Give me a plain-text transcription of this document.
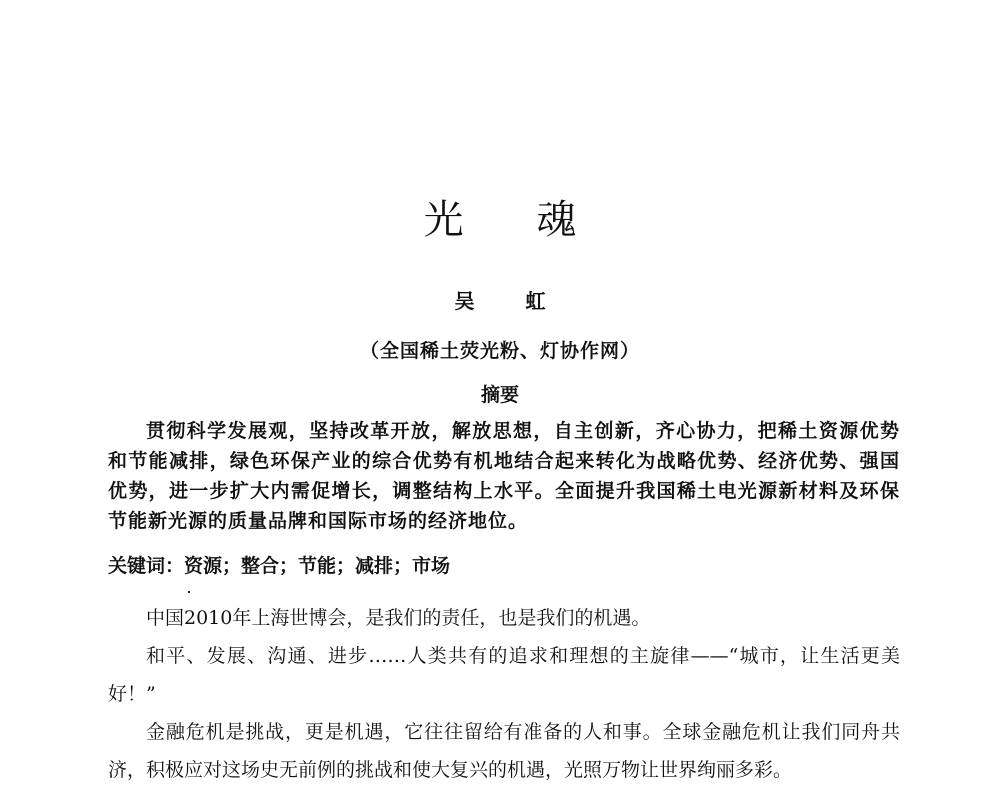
光 魂
吴 虹
（全国稀土荧光粉、灯协作网）
摘要
贯彻科学发展观，坚持改革开放，解放思想，自主创新，齐心协力，把稀土资源优势和节能减排，绿色环保产业的综合优势有机地结合起来转化为战略优势、经济优势、强国优势，进一步扩大内需促增长，调整结构上水平。全面提升我国稀土电光源新材料及环保节能新光源的质量品牌和国际市场的经济地位。
关键词：资源；整合；节能；减排；市场

中国2010年上海世博会，是我们的责任，也是我们的机遇。

和平、发展、沟通、进步……人类共有的追求和理想的主旋律——“城市，让生活更美好！”

金融危机是挑战，更是机遇，它往往留给有准备的人和事。全球金融危机让我们同舟共济，积极应对这场史无前例的挑战和使大复兴的机遇，光照万物让世界绚丽多彩。
